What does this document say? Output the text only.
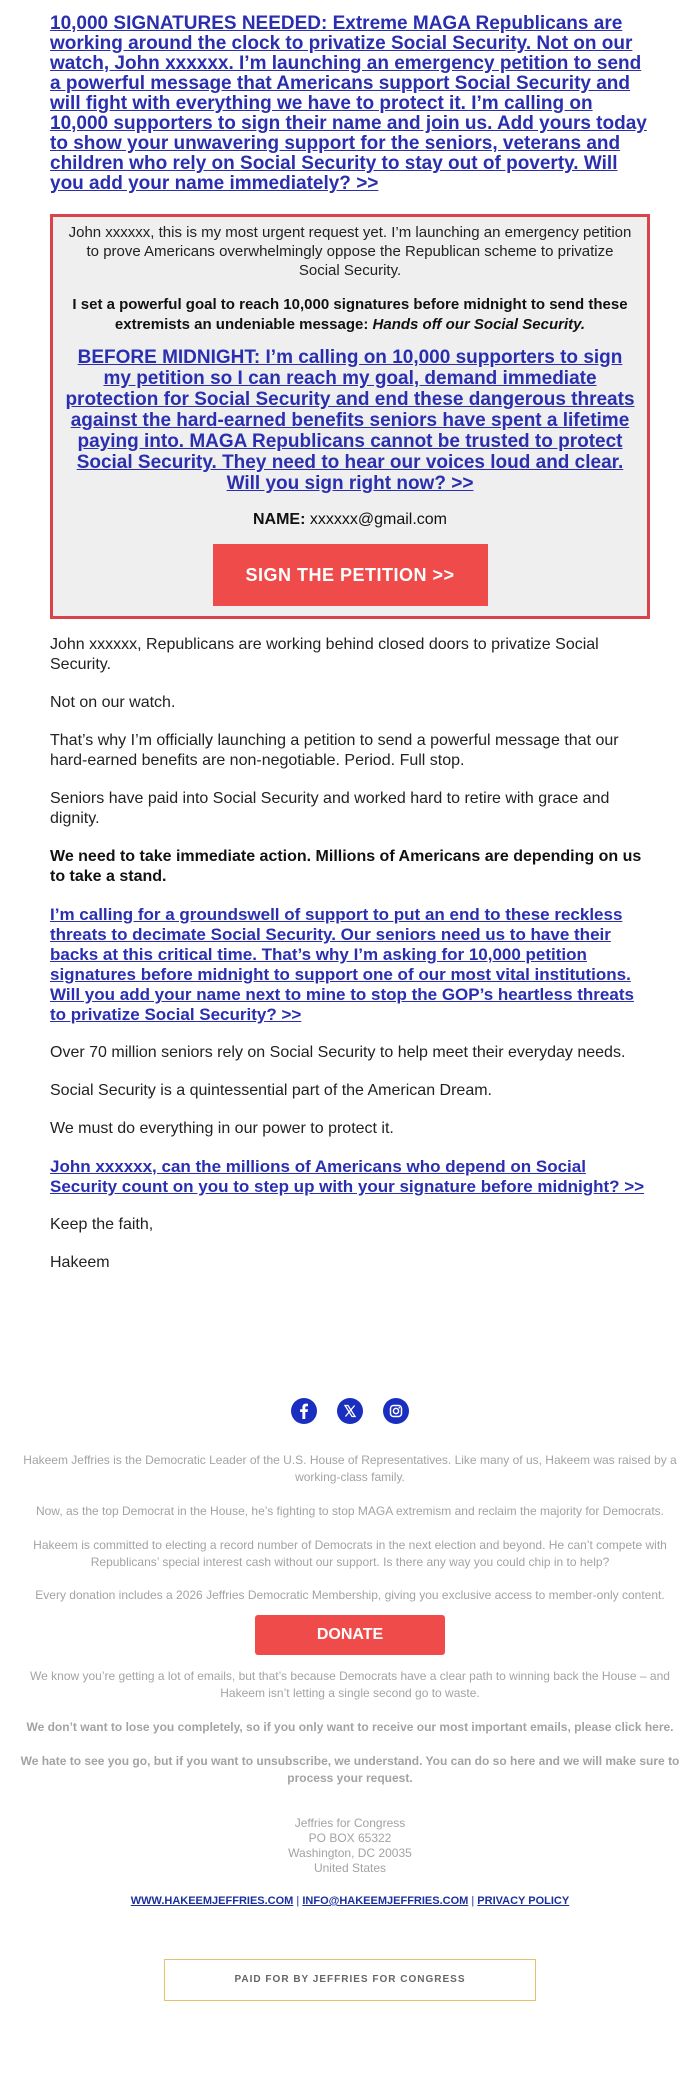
10,000 SIGNATURES NEEDED: Extreme MAGA Republicans are working around the clock to privatize Social Security. Not on our watch, John xxxxxx. I’m launching an emergency petition to send a powerful message that Americans support Social Security and will fight with everything we have to protect it. I’m calling on 10,000 supporters to sign their name and join us. Add yours today to show your unwavering support for the seniors, veterans and children who rely on Social Security to stay out of poverty. Will you add your name immediately? >>

John xxxxxx, this is my most urgent request yet. I’m launching an emergency petition to prove Americans overwhelmingly oppose the Republican scheme to privatize Social Security.

I set a powerful goal to reach 10,000 signatures before midnight to send these extremists an undeniable message: Hands off our Social Security.

BEFORE MIDNIGHT: I’m calling on 10,000 supporters to sign my petition so I can reach my goal, demand immediate protection for Social Security and end these dangerous threats against the hard-earned benefits seniors have spent a lifetime paying into. MAGA Republicans cannot be trusted to protect Social Security. They need to hear our voices loud and clear. Will you sign right now? >>

NAME: xxxxxx@gmail.com

SIGN THE PETITION >>

John xxxxxx, Republicans are working behind closed doors to privatize Social Security.

Not on our watch.

That’s why I’m officially launching a petition to send a powerful message that our hard-earned benefits are non-negotiable. Period. Full stop.

Seniors have paid into Social Security and worked hard to retire with grace and dignity.

We need to take immediate action. Millions of Americans are depending on us to take a stand.

I’m calling for a groundswell of support to put an end to these reckless threats to decimate Social Security. Our seniors need us to have their backs at this critical time. That’s why I’m asking for 10,000 petition signatures before midnight to support one of our most vital institutions. Will you add your name next to mine to stop the GOP’s heartless threats to privatize Social Security? >>

Over 70 million seniors rely on Social Security to help meet their everyday needs.

Social Security is a quintessential part of the American Dream.

We must do everything in our power to protect it.

John xxxxxx, can the millions of Americans who depend on Social Security count on you to step up with your signature before midnight? >>

Keep the faith,

Hakeem

Hakeem Jeffries is the Democratic Leader of the U.S. House of Representatives. Like many of us, Hakeem was raised by a working-class family.

Now, as the top Democrat in the House, he’s fighting to stop MAGA extremism and reclaim the majority for Democrats.

Hakeem is committed to electing a record number of Democrats in the next election and beyond. He can’t compete with Republicans’ special interest cash without our support. Is there any way you could chip in to help?

Every donation includes a 2026 Jeffries Democratic Membership, giving you exclusive access to member-only content.

DONATE

We know you’re getting a lot of emails, but that’s because Democrats have a clear path to winning back the House – and Hakeem isn’t letting a single second go to waste.

We don’t want to lose you completely, so if you only want to receive our most important emails, please click here.

We hate to see you go, but if you want to unsubscribe, we understand. You can do so here and we will make sure to process your request.

Jeffries for Congress
PO BOX 65322
Washington, DC 20035
United States

WWW.HAKEEMJEFFRIES.COM | INFO@HAKEEMJEFFRIES.COM | PRIVACY POLICY

PAID FOR BY JEFFRIES FOR CONGRESS
